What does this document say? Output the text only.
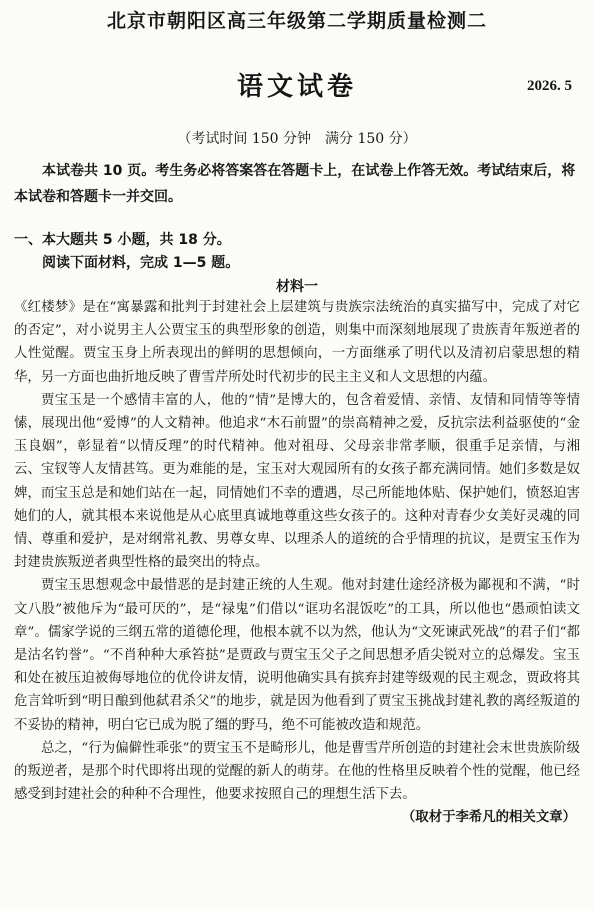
北京市朝阳区高三年级第二学期质量检测二
语文试卷	2026. 5
（考试时间 150 分钟　满分 150 分）
本试卷共 10 页。考生务必将答案答在答题卡上，在试卷上作答无效。考试结束后，将本试卷和答题卡一并交回。
一、本大题共 5 小题，共 18 分。
阅读下面材料，完成 1—5 题。
材料一

《红楼梦》是在“寓暴露和批判于封建社会上层建筑与贵族宗法统治的真实描写中，完成了对它的否定”，对小说男主人公贾宝玉的典型形象的创造，则集中而深刻地展现了贵族青年叛逆者的人性觉醒。贾宝玉身上所表现出的鲜明的思想倾向，一方面继承了明代以及清初启蒙思想的精华，另一方面也曲折地反映了曹雪芹所处时代初步的民主主义和人文思想的内蕴。

贾宝玉是一个感情丰富的人，他的“情”是博大的，包含着爱情、亲情、友情和同情等等情愫，展现出他“爱博”的人文精神。他追求“木石前盟”的崇高精神之爱，反抗宗法利益驱使的“金玉良姻”，彰显着“以情反理”的时代精神。他对祖母、父母亲非常孝顺，很重手足亲情，与湘云、宝钗等人友情甚笃。更为难能的是，宝玉对大观园所有的女孩子都充满同情。她们多数是奴婢，而宝玉总是和她们站在一起，同情她们不幸的遭遇，尽己所能地体贴、保护她们，愤怒迫害她们的人，就其根本来说他是从心底里真诚地尊重这些女孩子的。这种对青春少女美好灵魂的同情、尊重和爱护，是对纲常礼教、男尊女卑、以理杀人的道统的合乎情理的抗议，是贾宝玉作为封建贵族叛逆者典型性格的最突出的特点。

贾宝玉思想观念中最惜恶的是封建正统的人生观。他对封建仕途经济极为鄙视和不满，“时文八股”被他斥为“最可厌的”，是“禄鬼”们借以“诓功名混饭吃”的工具，所以他也“愚顽怕读文章”。儒家学说的三纲五常的道德伦理，他根本就不以为然，他认为“文死谏武死战”的君子们“都是沽名钓誉”。“不肖种种大承笞挞”是贾政与贾宝玉父子之间思想矛盾尖锐对立的总爆发。宝玉和处在被压迫被侮辱地位的优伶讲友情，说明他确实具有摈弃封建等级观的民主观念，贾政将其危言耸听到“明日酿到他弑君杀父”的地步，就是因为他看到了贾宝玉挑战封建礼教的离经叛道的不妥协的精神，明白它已成为脱了缰的野马，绝不可能被改造和规范。

总之，“行为偏僻性乖张”的贾宝玉不是畸形儿，他是曹雪芹所创造的封建社会末世贵族阶级的叛逆者，是那个时代即将出现的觉醒的新人的萌芽。在他的性格里反映着个性的觉醒，他已经感受到封建社会的种种不合理性，他要求按照自己的理想生活下去。

（取材于李希凡的相关文章）
